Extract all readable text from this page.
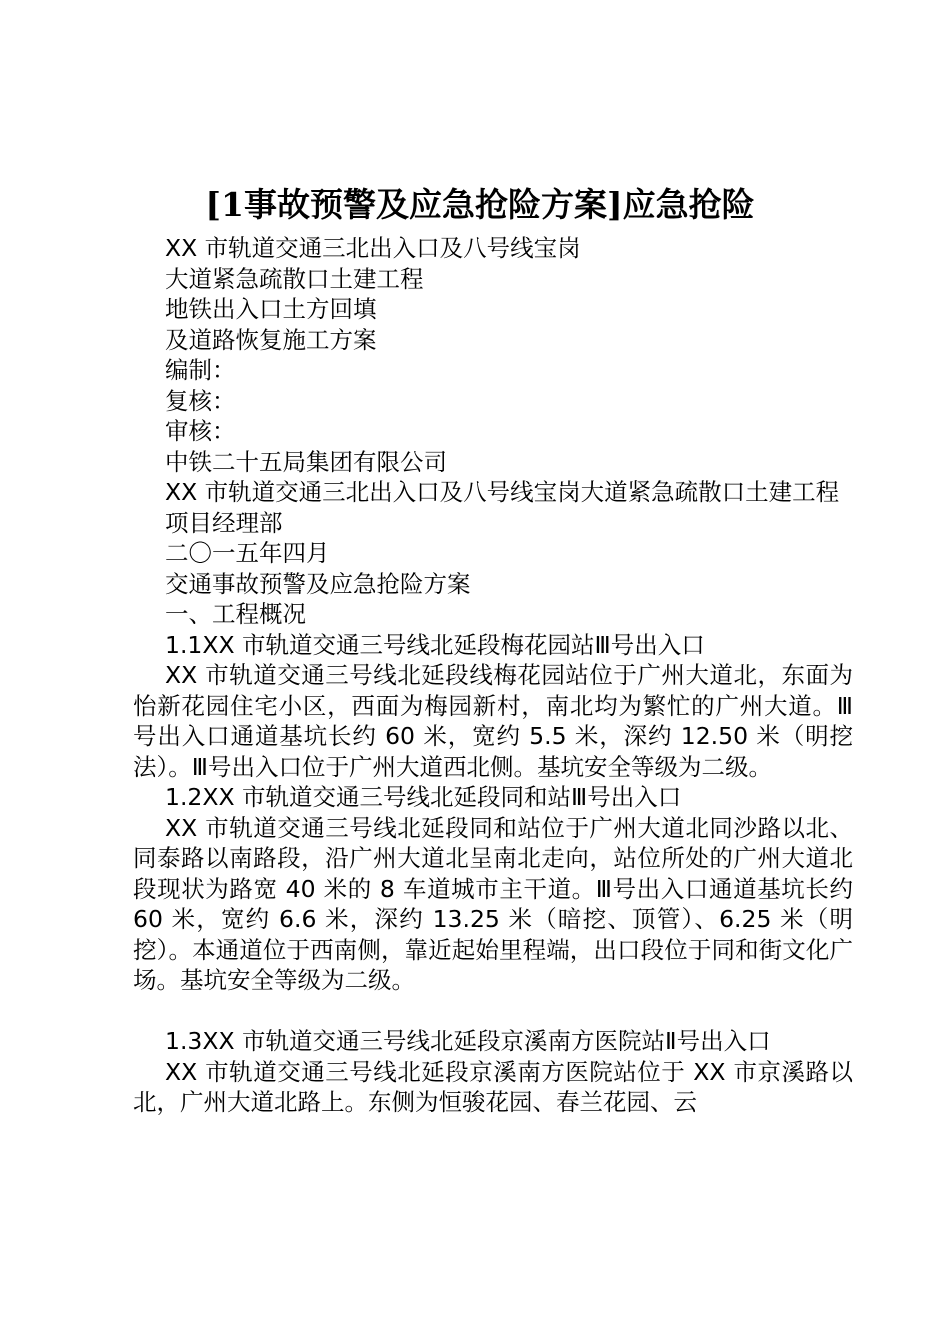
[1事故预警及应急抢险方案]应急抢险

XX 市轨道交通三北出入口及八号线宝岗

大道紧急疏散口土建工程

地铁出入口土方回填

及道路恢复施工方案

编制：

复核：

审核：

中铁二十五局集团有限公司

XX 市轨道交通三北出入口及八号线宝岗大道紧急疏散口土建工程

项目经理部

二〇一五年四月

交通事故预警及应急抢险方案

一、工程概况

1.1XX 市轨道交通三号线北延段梅花园站Ⅲ号出入口

XX 市轨道交通三号线北延段线梅花园站位于广州大道北，东面为怡新花园住宅小区，西面为梅园新村，南北均为繁忙的广州大道。Ⅲ号出入口通道基坑长约 60 米，宽约 5.5 米，深约 12.50 米（明挖法）。Ⅲ号出入口位于广州大道西北侧。基坑安全等级为二级。

1.2XX 市轨道交通三号线北延段同和站Ⅲ号出入口

XX 市轨道交通三号线北延段同和站位于广州大道北同沙路以北、同泰路以南路段，沿广州大道北呈南北走向，站位所处的广州大道北段现状为路宽 40 米的 8 车道城市主干道。Ⅲ号出入口通道基坑长约 60 米，宽约 6.6 米，深约 13.25 米（暗挖、顶管）、6.25 米（明挖）。本通道位于西南侧，靠近起始里程端，出口段位于同和街文化广场。基坑安全等级为二级。

1.3XX 市轨道交通三号线北延段京溪南方医院站Ⅱ号出入口

XX 市轨道交通三号线北延段京溪南方医院站位于 XX 市京溪路以北，广州大道北路上。东侧为恒骏花园、春兰花园、云
